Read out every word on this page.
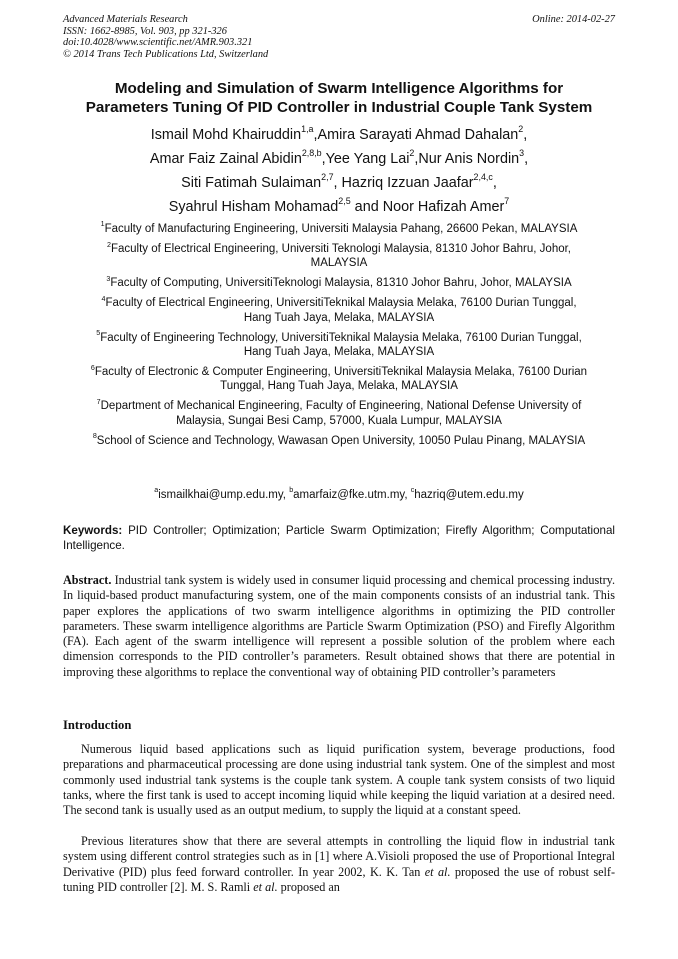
Advanced Materials Research
ISSN: 1662-8985, Vol. 903, pp 321-326
doi:10.4028/www.scientific.net/AMR.903.321
© 2014 Trans Tech Publications Ltd, Switzerland
Online: 2014-02-27
Modeling and Simulation of Swarm Intelligence Algorithms for
Parameters Tuning Of PID Controller in Industrial Couple Tank System
Ismail Mohd Khairuddin$^{1,a}$,Amira Sarayati Ahmad Dahalan$^2$,
Amar Faiz Zainal Abidin$^{2,8,b}$,Yee Yang Lai$^2$,Nur Anis Nordin$^3$,
Siti Fatimah Sulaiman$^{2,7}$, Hazriq Izzuan Jaafar$^{2,4,c}$,
Syahrul Hisham Mohamad$^{2,5}$ and Noor Hafizah Amer$^7$
$^1$Faculty of Manufacturing Engineering, Universiti Malaysia Pahang, 26600 Pekan, MALAYSIA
$^2$Faculty of Electrical Engineering, Universiti Teknologi Malaysia, 81310 Johor Bahru, Johor,
MALAYSIA
$^3$Faculty of Computing, UniversitiTeknologi Malaysia, 81310 Johor Bahru, Johor, MALAYSIA
$^4$Faculty of Electrical Engineering, UniversitiTeknikal Malaysia Melaka, 76100 Durian Tunggal,
Hang Tuah Jaya, Melaka, MALAYSIA
$^5$Faculty of Engineering Technology, UniversitiTeknikal Malaysia Melaka, 76100 Durian Tunggal,
Hang Tuah Jaya, Melaka, MALAYSIA
$^6$Faculty of Electronic & Computer Engineering, UniversitiTeknikal Malaysia Melaka, 76100 Durian
Tunggal, Hang Tuah Jaya, Melaka, MALAYSIA
$^7$Department of Mechanical Engineering, Faculty of Engineering, National Defense University of
Malaysia, Sungai Besi Camp, 57000, Kuala Lumpur, MALAYSIA
$^8$School of Science and Technology, Wawasan Open University, 10050 Pulau Pinang, MALAYSIA
$^a$ismailkhai@ump.edu.my, $^b$amarfaiz@fke.utm.my, $^c$hazriq@utem.edu.my
Keywords: PID Controller; Optimization; Particle Swarm Optimization; Firefly Algorithm; Computational Intelligence.
Abstract. Industrial tank system is widely used in consumer liquid processing and chemical processing industry. In liquid-based product manufacturing system, one of the main components consists of an industrial tank. This paper explores the applications of two swarm intelligence algorithms in optimizing the PID controller parameters. These swarm intelligence algorithms are Particle Swarm Optimization (PSO) and Firefly Algorithm (FA). Each agent of the swarm intelligence will represent a possible solution of the problem where each dimension corresponds to the PID controller’s parameters. Result obtained shows that there are potential in improving these algorithms to replace the conventional way of obtaining PID controller’s parameters
Introduction

Numerous liquid based applications such as liquid purification system, beverage productions, food preparations and pharmaceutical processing are done using industrial tank system. One of the simplest and most commonly used industrial tank systems is the couple tank system. A couple tank system consists of two liquid tanks, where the first tank is used to accept incoming liquid while keeping the liquid variation at a desired need. The second tank is usually used as an output medium, to supply the liquid at a constant speed.

Previous literatures show that there are several attempts in controlling the liquid flow in industrial tank system using different control strategies such as in [1] where A.Visioli proposed the use of Proportional Integral Derivative (PID) plus feed forward controller. In year 2002, K. K. Tan et al. proposed the use of robust self-tuning PID controller [2]. M. S. Ramli et al. proposed an
